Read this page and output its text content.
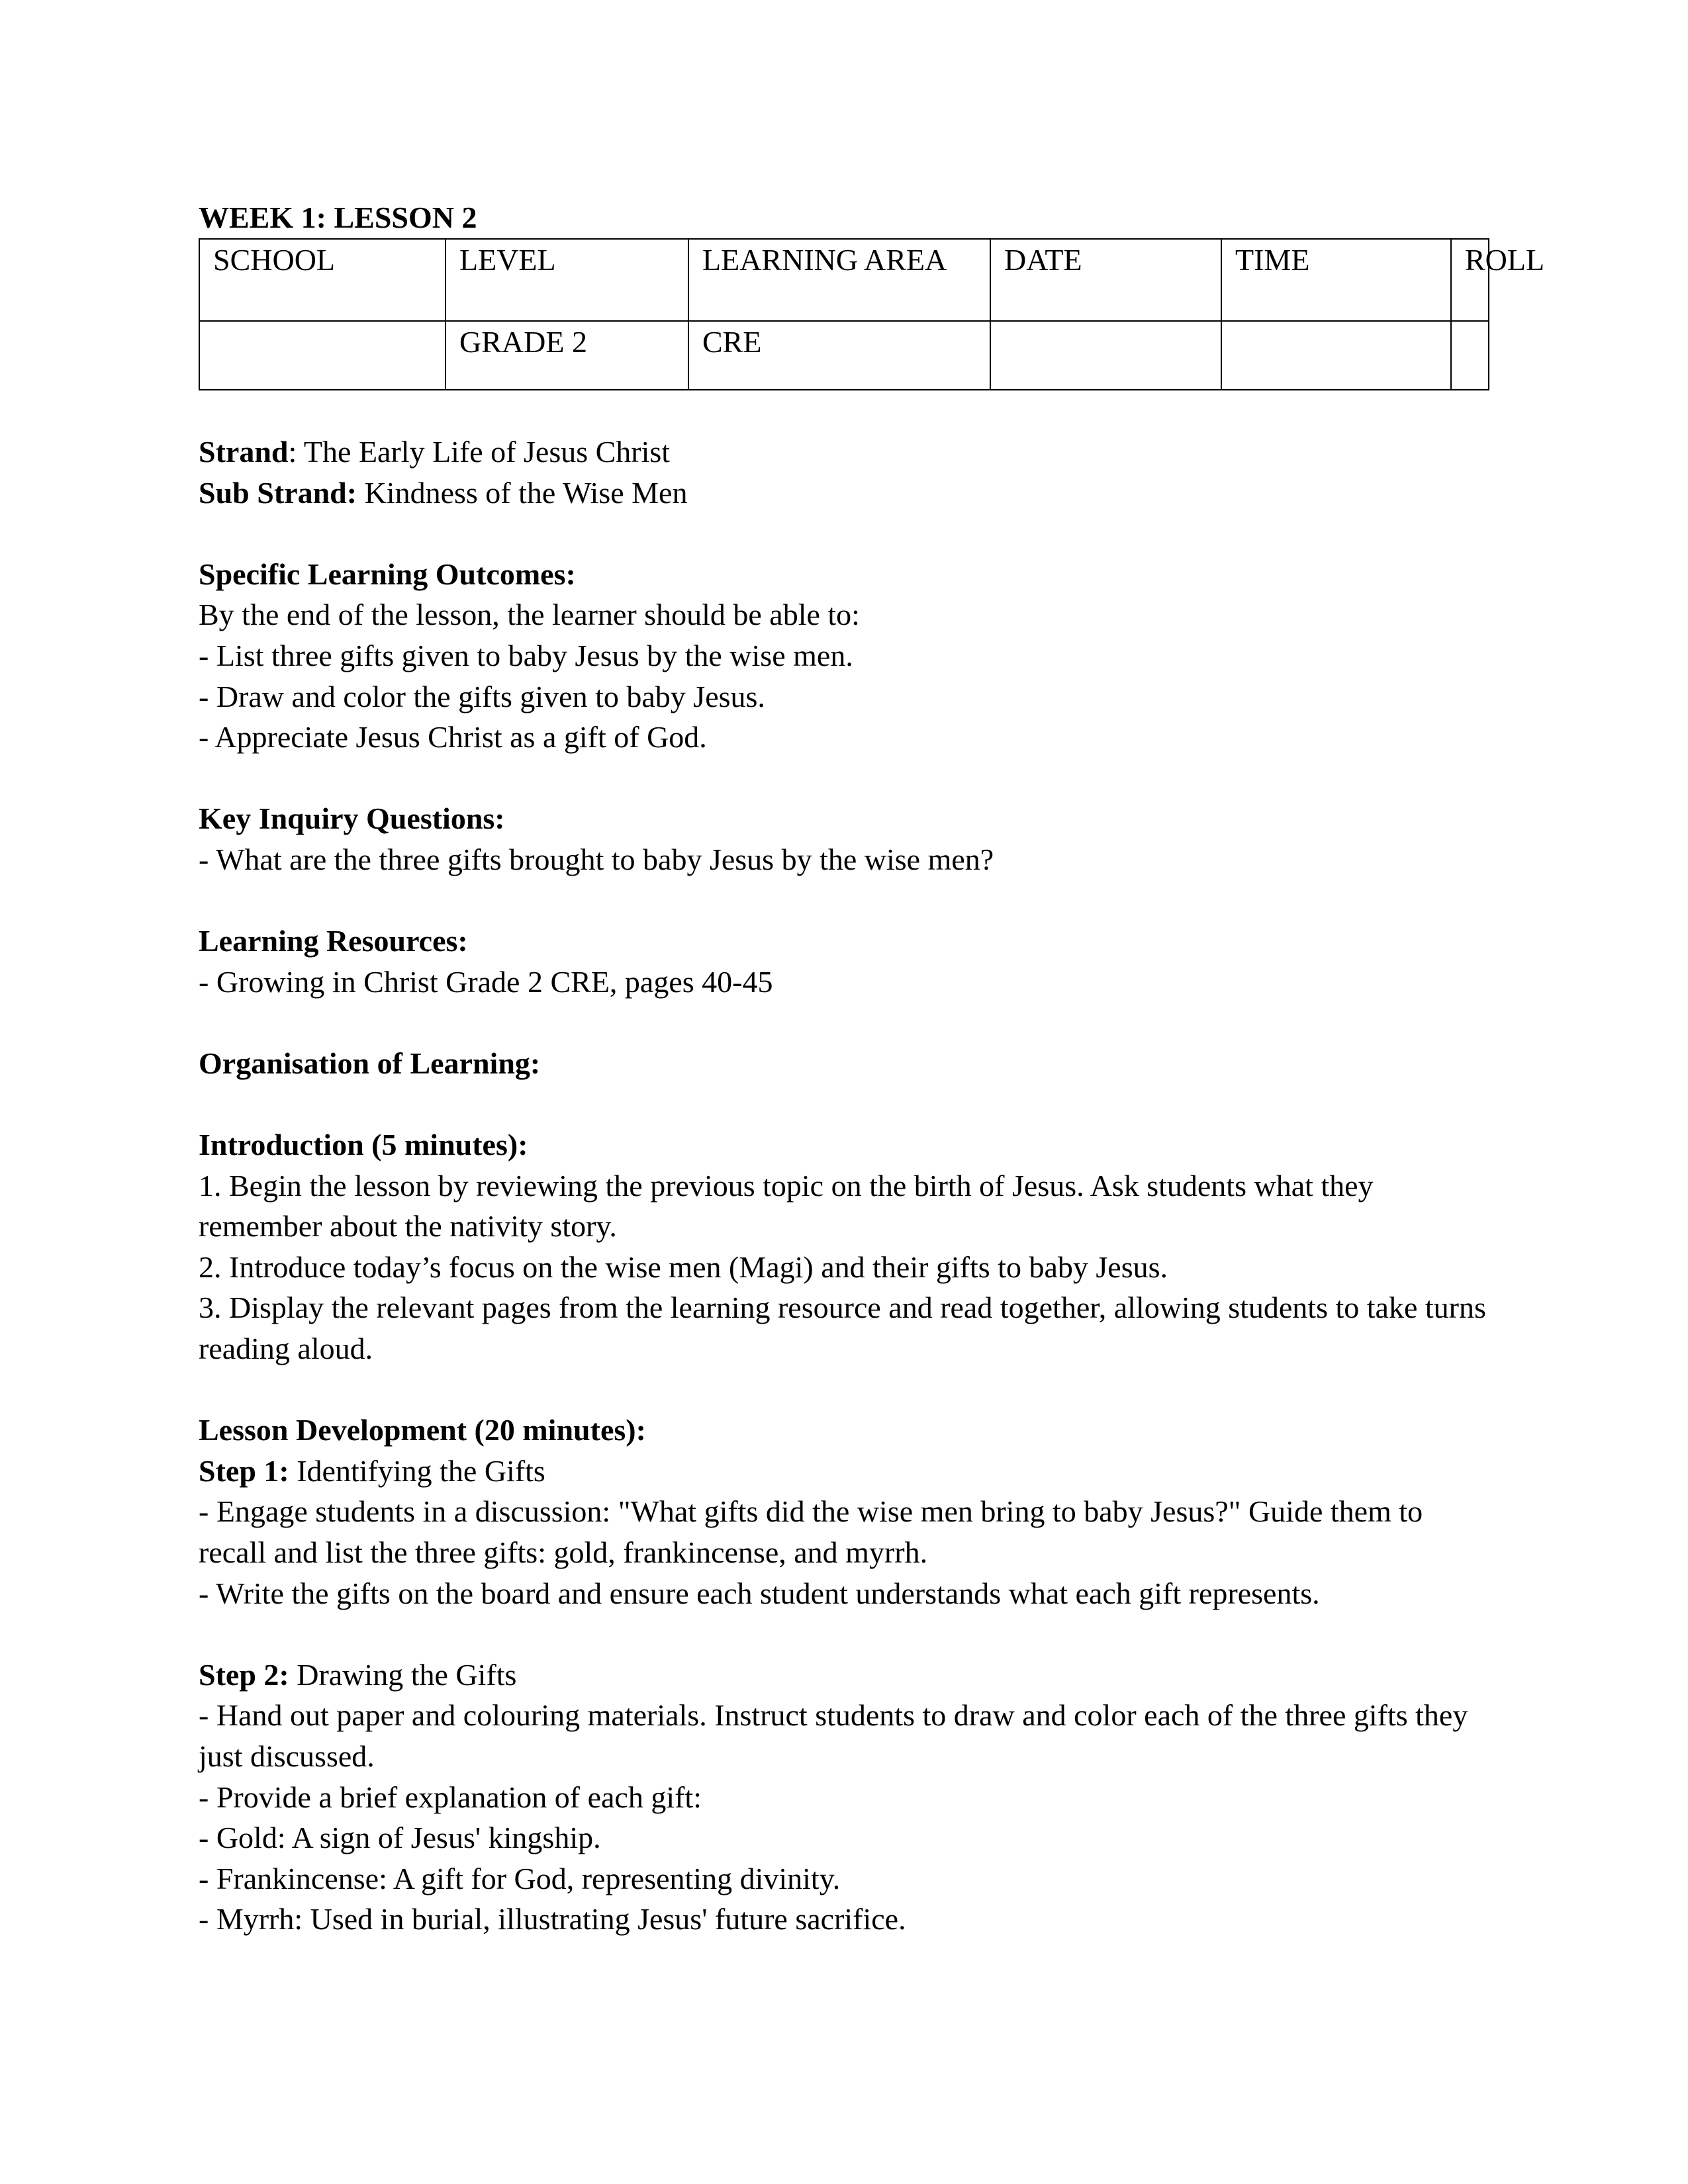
WEEK 1: LESSON 2
SCHOOL	LEVEL	LEARNING AREA	DATE	TIME	ROLL
	GRADE 2	CRE			
Strand: The Early Life of Jesus Christ
Sub Strand: Kindness of the Wise Men
Specific Learning Outcomes:
By the end of the lesson, the learner should be able to:
- List three gifts given to baby Jesus by the wise men.
- Draw and color the gifts given to baby Jesus.
- Appreciate Jesus Christ as a gift of God.
Key Inquiry Questions:
- What are the three gifts brought to baby Jesus by the wise men?
Learning Resources:
- Growing in Christ Grade 2 CRE, pages 40-45
Organisation of Learning:
Introduction (5 minutes):
1. Begin the lesson by reviewing the previous topic on the birth of Jesus. Ask students what they remember about the nativity story.
2. Introduce today’s focus on the wise men (Magi) and their gifts to baby Jesus.
3. Display the relevant pages from the learning resource and read together, allowing students to take turns reading aloud.
Lesson Development (20 minutes):
Step 1: Identifying the Gifts
- Engage students in a discussion: "What gifts did the wise men bring to baby Jesus?" Guide them to recall and list the three gifts: gold, frankincense, and myrrh.
- Write the gifts on the board and ensure each student understands what each gift represents.
Step 2: Drawing the Gifts
- Hand out paper and colouring materials. Instruct students to draw and color each of the three gifts they just discussed.
- Provide a brief explanation of each gift:
- Gold: A sign of Jesus' kingship.
- Frankincense: A gift for God, representing divinity.
- Myrrh: Used in burial, illustrating Jesus' future sacrifice.
